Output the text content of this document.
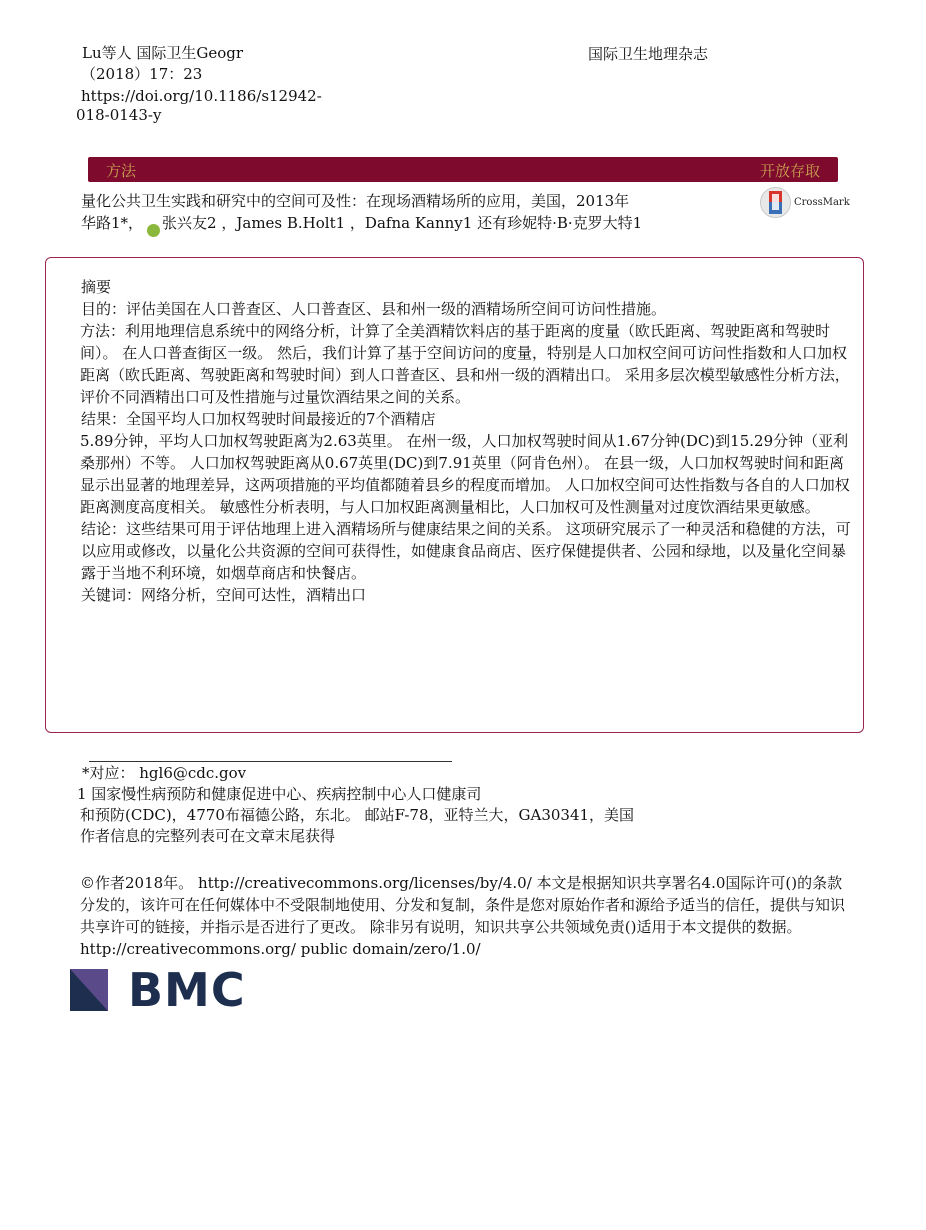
Lu等人 国际卫生Geogr
（2018）17：23
https://doi.org/10.1186/s12942-
018-0143-y
国际卫生地理杂志
方法	开放存取
量化公共卫生实践和研究中的空间可及性：在现场酒精场所的应用，美国，2013年
华路1*， 张兴友2 ，James B.Holt1 ，Dafna Kanny1 还有珍妮特·B·克罗大特1
CrossMark

摘要

目的：评估美国在人口普查区、人口普查区、县和州一级的酒精场所空间可访问性措施。

方法：利用地理信息系统中的网络分析，计算了全美酒精饮料店的基于距离的度量（欧氏距离、驾驶距离和驾驶时间）。 在人口普查街区一级。 然后，我们计算了基于空间访问的度量，特别是人口加权空间可访问性指数和人口加权距离（欧氏距离、驾驶距离和驾驶时间）到人口普查区、县和州一级的酒精出口。 采用多层次模型敏感性分析方法，评价不同酒精出口可及性措施与过量饮酒结果之间的关系。

结果：全国平均人口加权驾驶时间最接近的7个酒精店

5.89分钟，平均人口加权驾驶距离为2.63英里。 在州一级，人口加权驾驶时间从1.67分钟(DC)到15.29分钟（亚利桑那州）不等。 人口加权驾驶距离从0.67英里(DC)到7.91英里（阿肯色州）。 在县一级，人口加权驾驶时间和距离显示出显著的地理差异，这两项措施的平均值都随着县乡的程度而增加。 人口加权空间可达性指数与各自的人口加权距离测度高度相关。 敏感性分析表明，与人口加权距离测量相比，人口加权可及性测量对过度饮酒结果更敏感。

结论：这些结果可用于评估地理上进入酒精场所与健康结果之间的关系。 这项研究展示了一种灵活和稳健的方法，可以应用或修改，以量化公共资源的空间可获得性，如健康食品商店、医疗保健提供者、公园和绿地，以及量化空间暴露于当地不利环境，如烟草商店和快餐店。

关键词：网络分析，空间可达性，酒精出口

*对应： hgl6@cdc.gov

1 国家慢性病预防和健康促进中心、疾病控制中心人口健康司

和预防(CDC)，4770布福德公路，东北。 邮站F-78，亚特兰大，GA30341，美国

作者信息的完整列表可在文章末尾获得

©作者2018年。 http://creativecommons.org/licenses/by/4.0/ 本文是根据知识共享署名4.0国际许可()的条款分发的，该许可在任何媒体中不受限制地使用、分发和复制，条件是您对原始作者和源给予适当的信任，提供与知识共享许可的链接，并指示是否进行了更改。 除非另有说明，知识共享公共领域免责()适用于本文提供的数据。 http://creativecommons.org/ public domain/zero/1.0/

BMC
